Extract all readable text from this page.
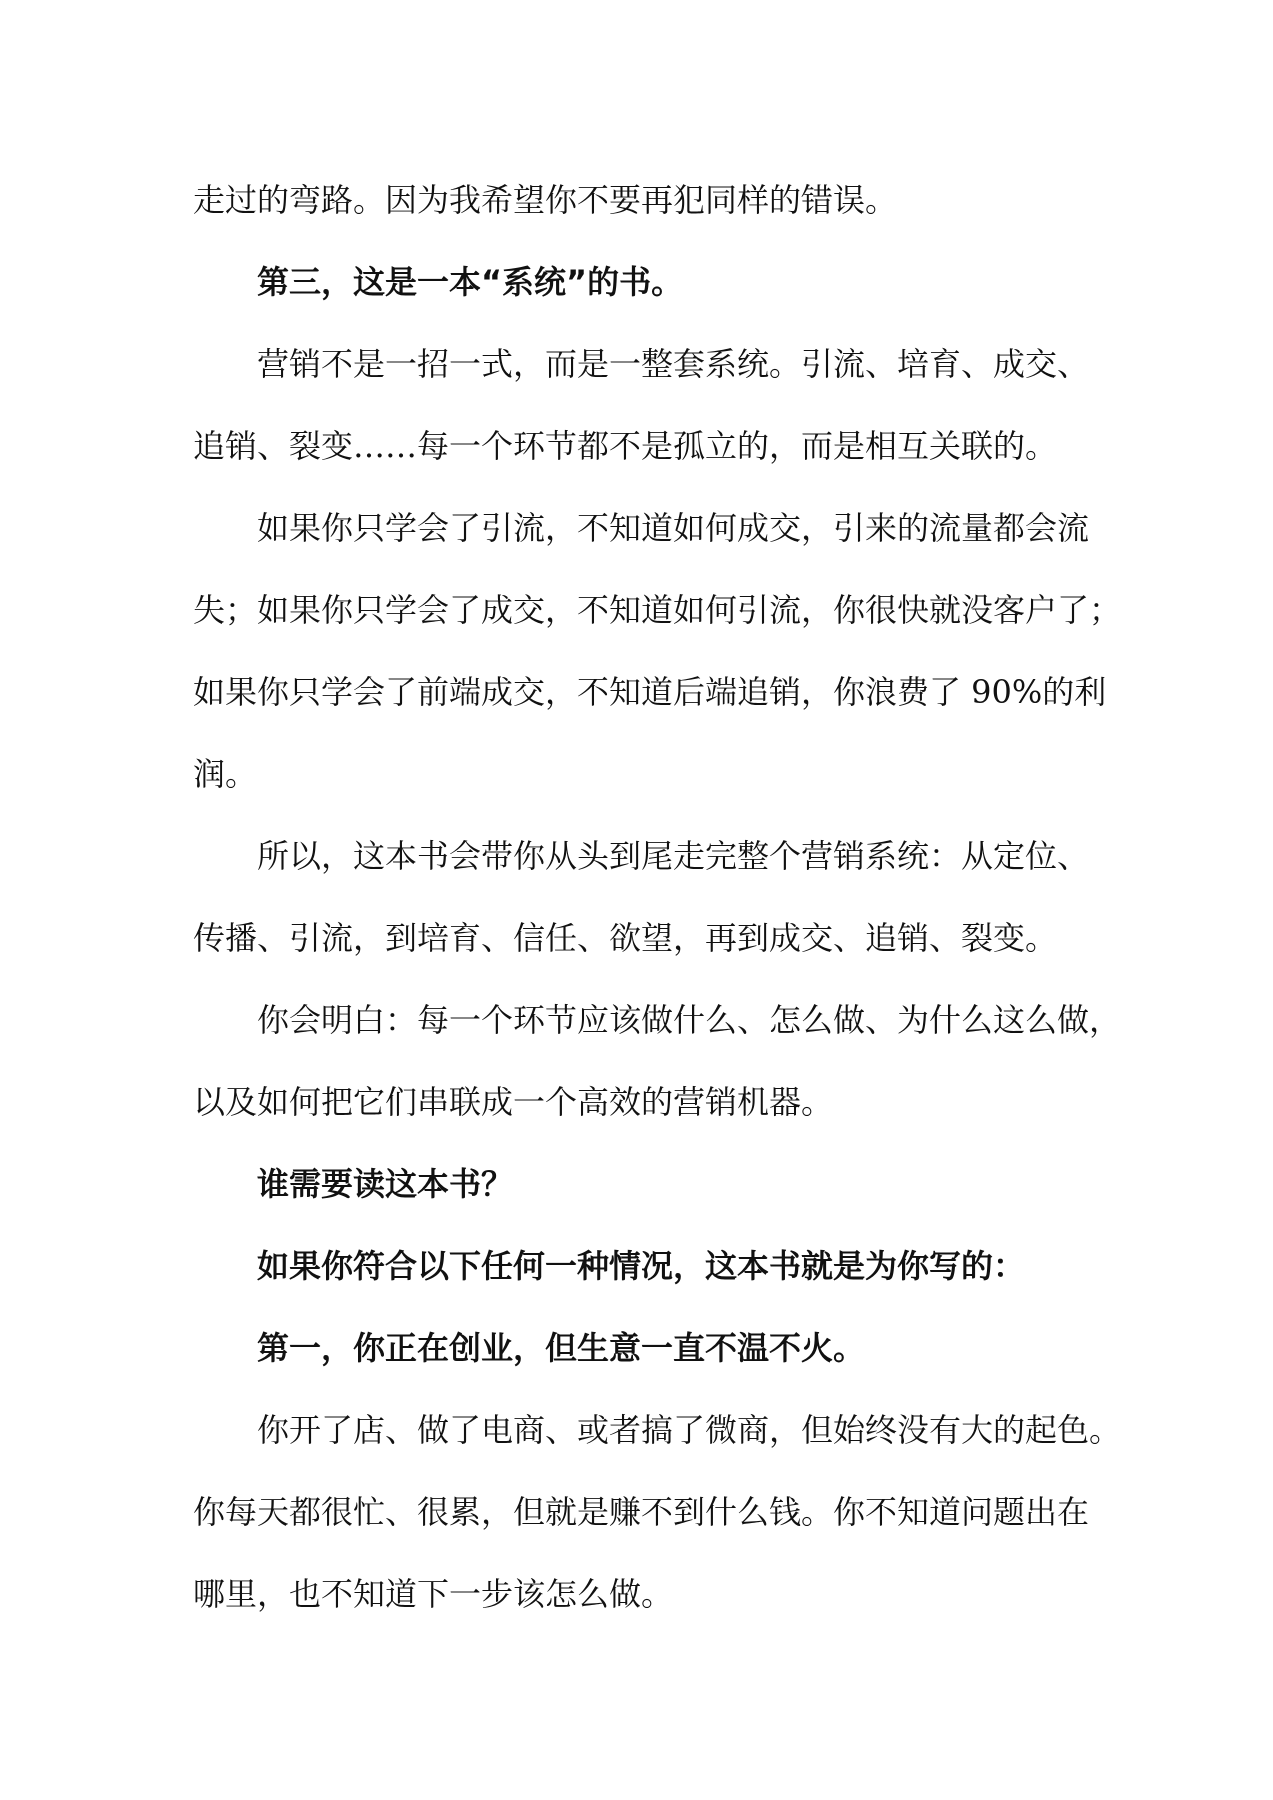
走过的弯路。因为我希望你不要再犯同样的错误。
第三，这是一本“系统”的书。
营销不是一招一式，而是一整套系统。引流、培育、成交、
追销、裂变……每一个环节都不是孤立的，而是相互关联的。
如果你只学会了引流，不知道如何成交，引来的流量都会流
失；如果你只学会了成交，不知道如何引流，你很快就没客户了；
如果你只学会了前端成交，不知道后端追销，你浪费了 90%的利
润。
所以，这本书会带你从头到尾走完整个营销系统：从定位、
传播、引流，到培育、信任、欲望，再到成交、追销、裂变。
你会明白：每一个环节应该做什么、怎么做、为什么这么做，
以及如何把它们串联成一个高效的营销机器。
谁需要读这本书？
如果你符合以下任何一种情况，这本书就是为你写的：
第一，你正在创业，但生意一直不温不火。
你开了店、做了电商、或者搞了微商，但始终没有大的起色。
你每天都很忙、很累，但就是赚不到什么钱。你不知道问题出在
哪里，也不知道下一步该怎么做。
